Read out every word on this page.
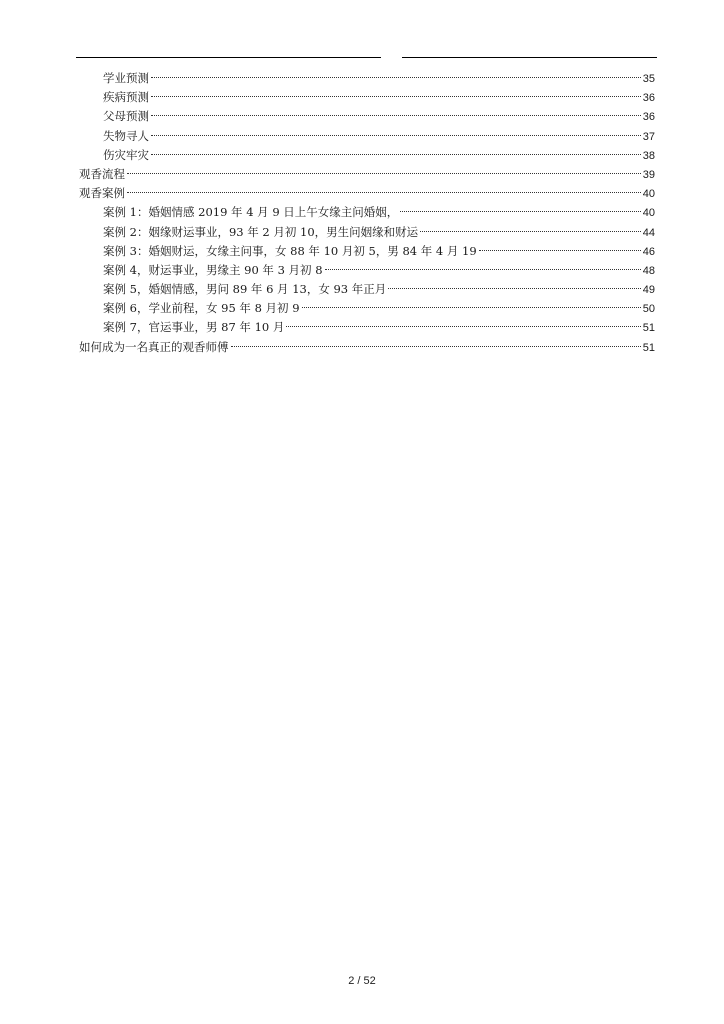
学业预测	35
疾病预测	36
父母预测	36
失物寻人	37
伤灾牢灾	38
观香流程	39
观香案例	40
案例 1：婚姻情感 2019 年 4 月 9 日上午女缘主问婚姻，	40
案例 2：姻缘财运事业，93 年 2 月初 10，男生问姻缘和财运	44
案例 3：婚姻财运，女缘主问事，女 88 年 10 月初 5，男 84 年 4 月 19	46
案例 4，财运事业，男缘主 90 年 3 月初 8	48
案例 5，婚姻情感，男问 89 年 6 月 13，女 93 年正月	49
案例 6，学业前程，女 95 年 8 月初 9	50
案例 7，官运事业，男 87 年 10 月	51
如何成为一名真正的观香师傅	51
2 / 52
